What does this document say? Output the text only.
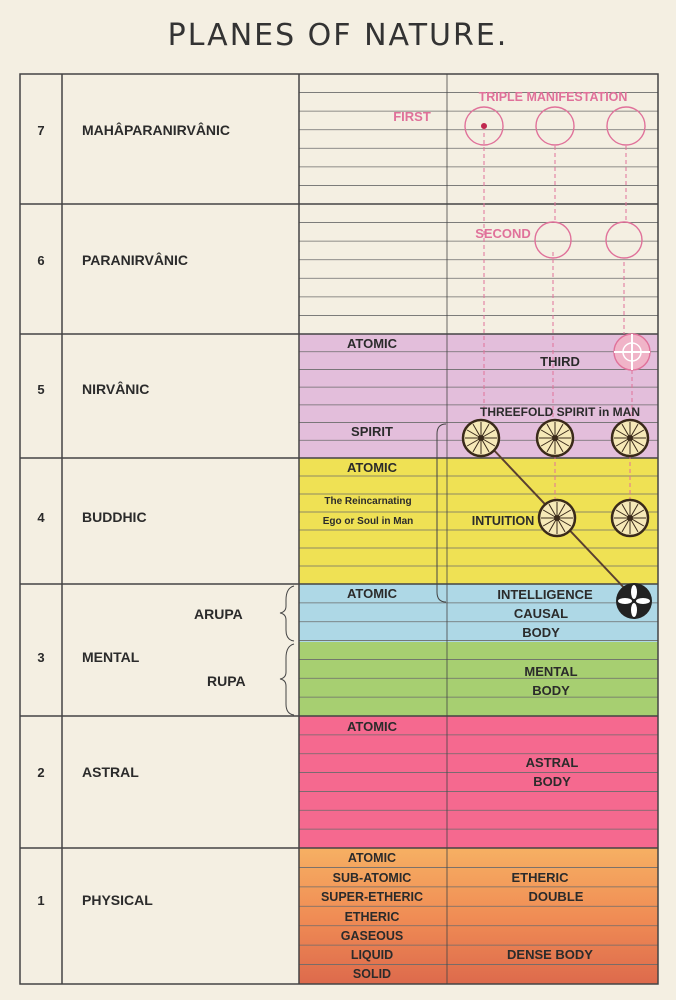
PLANES OF NATURE.
7	MAHÂPARANIRVÂNIC
6	PARANIRVÂNIC
5	NIRVÂNIC
4	BUDDHIC
3	MENTAL
2	ASTRAL
1	PHYSICAL
ARUPA
RUPA
ATOMIC
SPIRIT
ATOMIC
The Reincarnating
Ego or Soul in Man
ATOMIC
ATOMIC
ATOMIC
SUB-ATOMIC
SUPER-ETHERIC
ETHERIC
GASEOUS
LIQUID
SOLID
TRIPLE MANIFESTATION
FIRST
SECOND
THIRD
THREEFOLD SPIRIT in MAN
INTUITION
INTELLIGENCE
CAUSAL
BODY
MENTAL
BODY
ASTRAL
BODY
ETHERIC
DOUBLE
DENSE BODY
